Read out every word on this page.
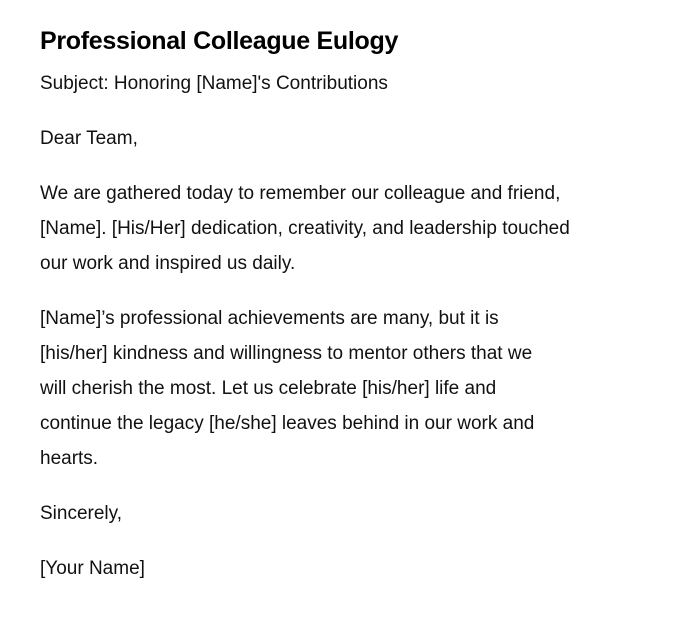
Professional Colleague Eulogy

Subject: Honoring [Name]'s Contributions

Dear Team,

We are gathered today to remember our colleague and friend,
[Name]. [His/Her] dedication, creativity, and leadership touched
our work and inspired us daily.

[Name]’s professional achievements are many, but it is
[his/her] kindness and willingness to mentor others that we
will cherish the most. Let us celebrate [his/her] life and
continue the legacy [he/she] leaves behind in our work and
hearts.

Sincerely,

[Your Name]
